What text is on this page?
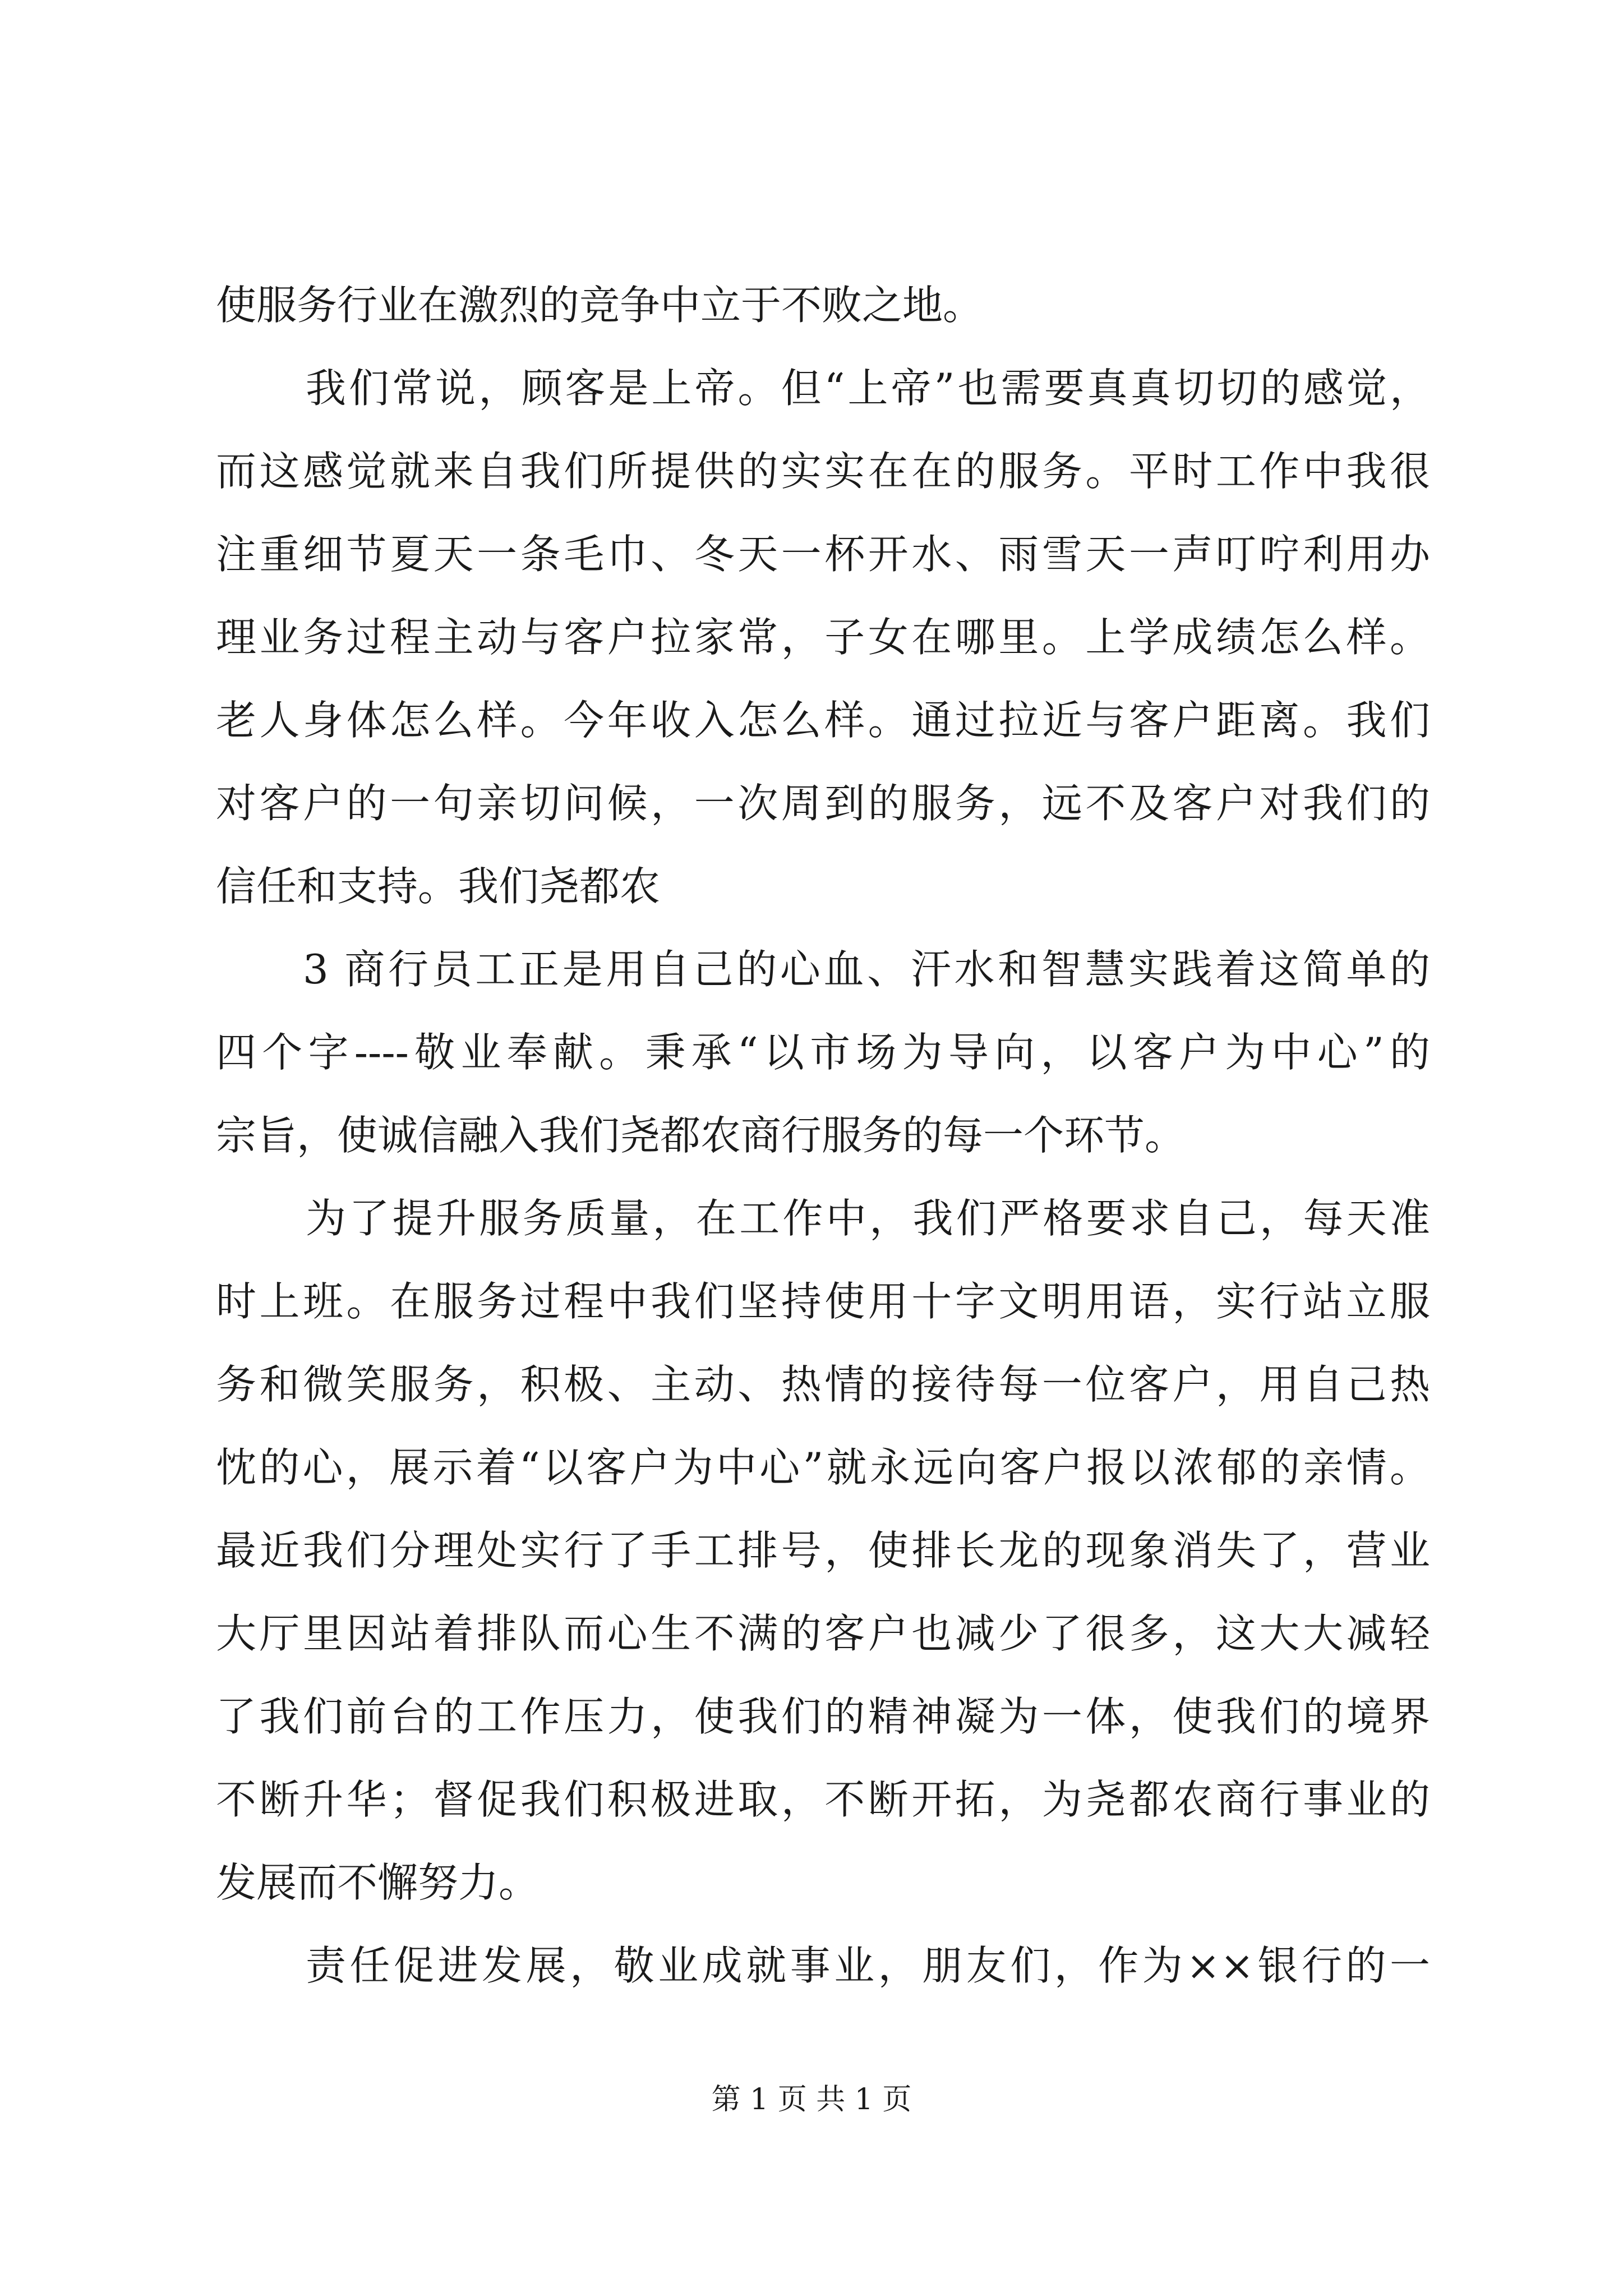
使服务行业在激烈的竞争中立于不败之地。
我们常说，顾客是上帝。但“上帝”也需要真真切切的感觉，
而这感觉就来自我们所提供的实实在在的服务。平时工作中我很
注重细节夏天一条毛巾、冬天一杯开水、雨雪天一声叮咛利用办
理业务过程主动与客户拉家常，子女在哪里。上学成绩怎么样。
老人身体怎么样。今年收入怎么样。通过拉近与客户距离。我们
对客户的一句亲切问候，一次周到的服务，远不及客户对我们的
信任和支持。我们尧都农
3 商行员工正是用自己的心血、汗水和智慧实践着这简单的
四个字----敬业奉献。秉承“以市场为导向，以客户为中心”的
宗旨，使诚信融入我们尧都农商行服务的每一个环节。
为了提升服务质量，在工作中，我们严格要求自己，每天准
时上班。在服务过程中我们坚持使用十字文明用语，实行站立服
务和微笑服务，积极、主动、热情的接待每一位客户，用自己热
忱的心，展示着“以客户为中心”就永远向客户报以浓郁的亲情。
最近我们分理处实行了手工排号，使排长龙的现象消失了，营业
大厅里因站着排队而心生不满的客户也减少了很多，这大大减轻
了我们前台的工作压力，使我们的精神凝为一体，使我们的境界
不断升华；督促我们积极进取，不断开拓，为尧都农商行事业的
发展而不懈努力。
责任促进发展，敬业成就事业，朋友们，作为××银行的一
第 1 页 共 1 页
